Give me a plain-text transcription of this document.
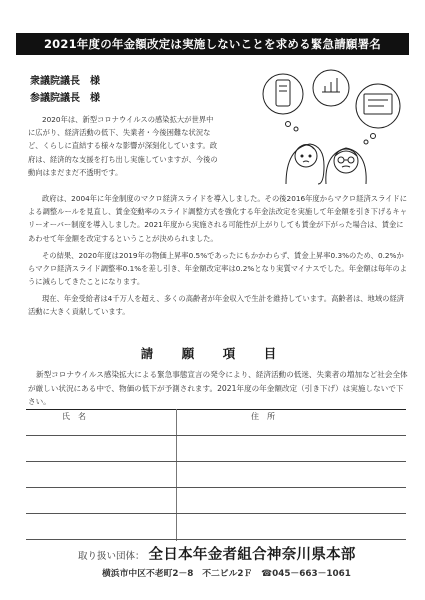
2021年度の年金額改定は実施しないことを求める緊急請願署名
衆議院議長　様
参議院議長　様
2020年は、新型コロナウイルスの感染拡大が世界中に広がり、経済活動の低下、失業者・今後困難な状況など、くらしに直結する様々な影響が深刻化しています。政府は、経済的な支援を打ち出し実施していますが、今後の動向はまだまだ不透明です。
政府は、2004年に年金制度のマクロ経済スライドを導入しました。その後2016年度からマクロ経済スライドによる調整ルールを見直し、賃金変動率のスライド調整方式を強化する年金法改定を実施して年金額を引き下げるキャリーオーバー制度を導入しました。2021年度から実施される可能性が上がりしても賃金が下がった場合は、賃金にあわせて年金額を改定するということが決められました。
その結果、2020年度は2019年の物価上昇率0.5%であったにもかかわらず、賃金上昇率0.3%のため、0.2%からマクロ経済スライド調整率0.1%を差し引き、年金額改定率は0.2%となり実質マイナスでした。年金額は毎年のように減らしてきたことになります。
現在、年金受給者は4千万人を超え、多くの高齢者が年金収入で生計を維持しています。高齢者は、地域の経済活動に大きく貢献しています。
請　願　項　目
新型コロナウイルス感染拡大による緊急事態宣言の発令により、経済活動の低迷、失業者の増加など社会全体が厳しい状況にある中で、物価の低下が予測されます。2021年度の年金額改定（引き下げ）は実施しないで下さい。
氏　名	住　所
取り扱い団体： 全日本年金者組合神奈川県本部
横浜市中区不老町2－8　不二ビル2Ｆ　☎045－663－1061
